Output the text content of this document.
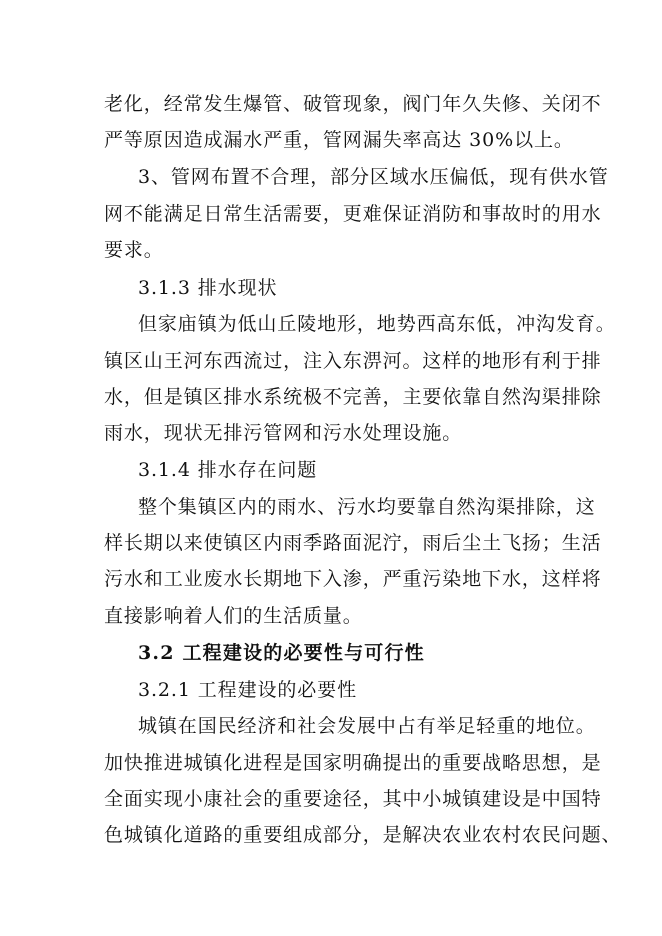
老化，经常发生爆管、破管现象，阀门年久失修、关闭不
严等原因造成漏水严重，管网漏失率高达 30%以上。
3、管网布置不合理，部分区域水压偏低，现有供水管
网不能满足日常生活需要，更难保证消防和事故时的用水
要求。
3.1.3 排水现状
但家庙镇为低山丘陵地形，地势西高东低，冲沟发育。
镇区山王河东西流过，注入东淠河。这样的地形有利于排
水，但是镇区排水系统极不完善，主要依靠自然沟渠排除
雨水，现状无排污管网和污水处理设施。
3.1.4 排水存在问题
整个集镇区内的雨水、污水均要靠自然沟渠排除，这
样长期以来使镇区内雨季路面泥泞，雨后尘土飞扬；生活
污水和工业废水长期地下入渗，严重污染地下水，这样将
直接影响着人们的生活质量。
3.2 工程建设的必要性与可行性
3.2.1 工程建设的必要性
城镇在国民经济和社会发展中占有举足轻重的地位。
加快推进城镇化进程是国家明确提出的重要战略思想，是
全面实现小康社会的重要途径，其中小城镇建设是中国特
色城镇化道路的重要组成部分，是解决农业农村农民问题、
